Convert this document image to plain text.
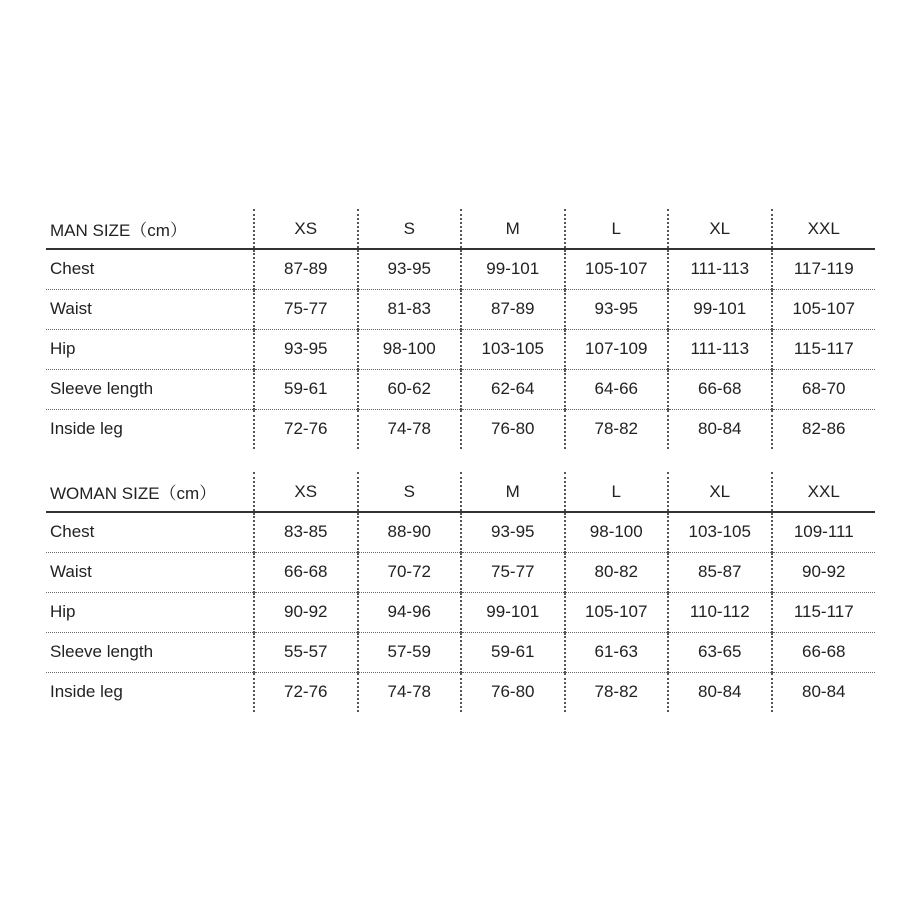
MAN SIZE（cm）	XS	S	M	L	XL	XXL
Chest	87-89	93-95	99-101	105-107	111-113	117-119
Waist	75-77	81-83	87-89	93-95	99-101	105-107
Hip	93-95	98-100	103-105	107-109	111-113	115-117
Sleeve length	59-61	60-62	62-64	64-66	66-68	68-70
Inside leg	72-76	74-78	76-80	78-82	80-84	82-86
WOMAN SIZE（cm）	XS	S	M	L	XL	XXL
Chest	83-85	88-90	93-95	98-100	103-105	109-111
Waist	66-68	70-72	75-77	80-82	85-87	90-92
Hip	90-92	94-96	99-101	105-107	110-112	115-117
Sleeve length	55-57	57-59	59-61	61-63	63-65	66-68
Inside leg	72-76	74-78	76-80	78-82	80-84	80-84
